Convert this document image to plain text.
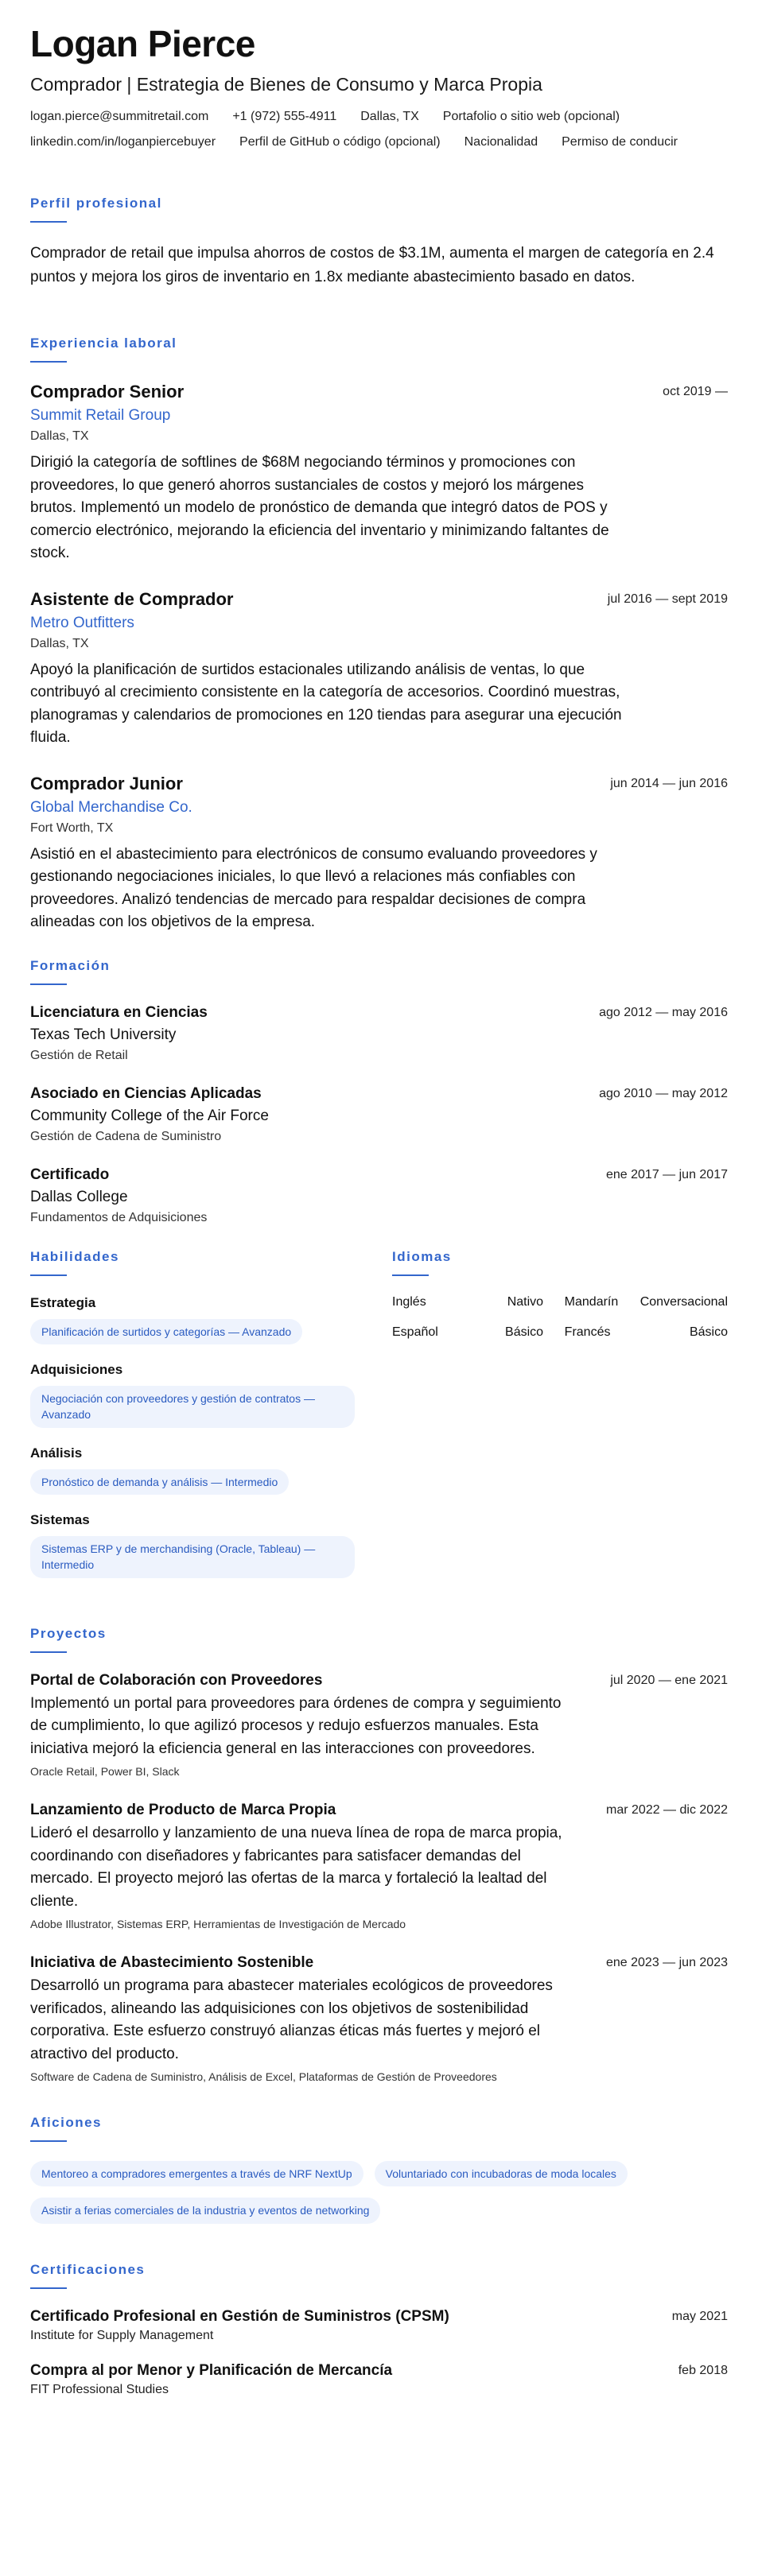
Logan Pierce
Comprador | Estrategia de Bienes de Consumo y Marca Propia
logan.pierce@summitretail.com +1 (972) 555-4911 Dallas, TX Portafolio o sitio web (opcional)
linkedin.com/in/loganpiercebuyer Perfil de GitHub o código (opcional) Nacionalidad Permiso de conducir
Perfil profesional
Comprador de retail que impulsa ahorros de costos de $3.1M, aumenta el margen de categoría en 2.4 puntos y mejora los giros de inventario en 1.8x mediante abastecimiento basado en datos.
Experiencia laboral
oct 2019 —
Comprador Senior
Summit Retail Group
Dallas, TX
Dirigió la categoría de softlines de $68M negociando términos y promociones con proveedores, lo que generó ahorros sustanciales de costos y mejoró los márgenes brutos. Implementó un modelo de pronóstico de demanda que integró datos de POS y comercio electrónico, mejorando la eficiencia del inventario y minimizando faltantes de stock.
jul 2016 — sept 2019
Asistente de Comprador
Metro Outfitters
Dallas, TX
Apoyó la planificación de surtidos estacionales utilizando análisis de ventas, lo que contribuyó al crecimiento consistente en la categoría de accesorios. Coordinó muestras, planogramas y calendarios de promociones en 120 tiendas para asegurar una ejecución fluida.
jun 2014 — jun 2016
Comprador Junior
Global Merchandise Co.
Fort Worth, TX
Asistió en el abastecimiento para electrónicos de consumo evaluando proveedores y gestionando negociaciones iniciales, lo que llevó a relaciones más confiables con proveedores. Analizó tendencias de mercado para respaldar decisiones de compra alineadas con los objetivos de la empresa.
Formación
ago 2012 — may 2016
Licenciatura en Ciencias
Texas Tech University
Gestión de Retail
ago 2010 — may 2012
Asociado en Ciencias Aplicadas
Community College of the Air Force
Gestión de Cadena de Suministro
ene 2017 — jun 2017
Certificado
Dallas College
Fundamentos de Adquisiciones
Habilidades
Estrategia
Planificación de surtidos y categorías — Avanzado
Adquisiciones
Negociación con proveedores y gestión de contratos — Avanzado
Análisis
Pronóstico de demanda y análisis — Intermedio
Sistemas
Sistemas ERP y de merchandising (Oracle, Tableau) — Intermedio
Idiomas
Inglés	Nativo Mandarín	Conversacional
Español	Básico Francés	Básico
Proyectos
jul 2020 — ene 2021
Portal de Colaboración con Proveedores
Implementó un portal para proveedores para órdenes de compra y seguimiento de cumplimiento, lo que agilizó procesos y redujo esfuerzos manuales. Esta iniciativa mejoró la eficiencia general en las interacciones con proveedores.
Oracle Retail, Power BI, Slack
mar 2022 — dic 2022
Lanzamiento de Producto de Marca Propia
Lideró el desarrollo y lanzamiento de una nueva línea de ropa de marca propia, coordinando con diseñadores y fabricantes para satisfacer demandas del mercado. El proyecto mejoró las ofertas de la marca y fortaleció la lealtad del cliente.
Adobe Illustrator, Sistemas ERP, Herramientas de Investigación de Mercado
ene 2023 — jun 2023
Iniciativa de Abastecimiento Sostenible
Desarrolló un programa para abastecer materiales ecológicos de proveedores verificados, alineando las adquisiciones con los objetivos de sostenibilidad corporativa. Este esfuerzo construyó alianzas éticas más fuertes y mejoró el atractivo del producto.
Software de Cadena de Suministro, Análisis de Excel, Plataformas de Gestión de Proveedores
Aficiones
Mentoreo a compradores emergentes a través de NRF NextUp	Voluntariado con incubadoras de moda locales
Asistir a ferias comerciales de la industria y eventos de networking
Certificaciones
may 2021
Certificado Profesional en Gestión de Suministros (CPSM)
Institute for Supply Management
feb 2018
Compra al por Menor y Planificación de Mercancía
FIT Professional Studies
